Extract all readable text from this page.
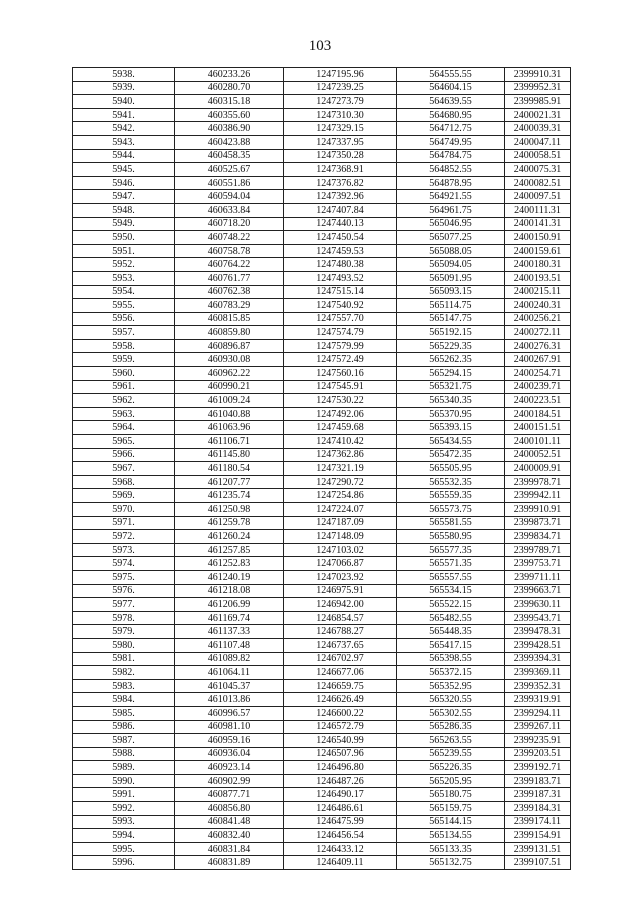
103
5938.	460233.26	1247195.96	564555.55	2399910.31
5939.	460280.70	1247239.25	564604.15	2399952.31
5940.	460315.18	1247273.79	564639.55	2399985.91
5941.	460355.60	1247310.30	564680.95	2400021.31
5942.	460386.90	1247329.15	564712.75	2400039.31
5943.	460423.88	1247337.95	564749.95	2400047.11
5944.	460458.35	1247350.28	564784.75	2400058.51
5945.	460525.67	1247368.91	564852.55	2400075.31
5946.	460551.86	1247376.82	564878.95	2400082.51
5947.	460594.04	1247392.96	564921.55	2400097.51
5948.	460633.84	1247407.84	564961.75	2400111.31
5949.	460718.20	1247440.13	565046.95	2400141.31
5950.	460748.22	1247450.54	565077.25	2400150.91
5951.	460758.78	1247459.53	565088.05	2400159.61
5952.	460764.22	1247480.38	565094.05	2400180.31
5953.	460761.77	1247493.52	565091.95	2400193.51
5954.	460762.38	1247515.14	565093.15	2400215.11
5955.	460783.29	1247540.92	565114.75	2400240.31
5956.	460815.85	1247557.70	565147.75	2400256.21
5957.	460859.80	1247574.79	565192.15	2400272.11
5958.	460896.87	1247579.99	565229.35	2400276.31
5959.	460930.08	1247572.49	565262.35	2400267.91
5960.	460962.22	1247560.16	565294.15	2400254.71
5961.	460990.21	1247545.91	565321.75	2400239.71
5962.	461009.24	1247530.22	565340.35	2400223.51
5963.	461040.88	1247492.06	565370.95	2400184.51
5964.	461063.96	1247459.68	565393.15	2400151.51
5965.	461106.71	1247410.42	565434.55	2400101.11
5966.	461145.80	1247362.86	565472.35	2400052.51
5967.	461180.54	1247321.19	565505.95	2400009.91
5968.	461207.77	1247290.72	565532.35	2399978.71
5969.	461235.74	1247254.86	565559.35	2399942.11
5970.	461250.98	1247224.07	565573.75	2399910.91
5971.	461259.78	1247187.09	565581.55	2399873.71
5972.	461260.24	1247148.09	565580.95	2399834.71
5973.	461257.85	1247103.02	565577.35	2399789.71
5974.	461252.83	1247066.87	565571.35	2399753.71
5975.	461240.19	1247023.92	565557.55	2399711.11
5976.	461218.08	1246975.91	565534.15	2399663.71
5977.	461206.99	1246942.00	565522.15	2399630.11
5978.	461169.74	1246854.57	565482.55	2399543.71
5979.	461137.33	1246788.27	565448.35	2399478.31
5980.	461107.48	1246737.65	565417.15	2399428.51
5981.	461089.82	1246702.97	565398.55	2399394.31
5982.	461064.11	1246677.06	565372.15	2399369.11
5983.	461045.37	1246659.75	565352.95	2399352.31
5984.	461013.86	1246626.49	565320.55	2399319.91
5985.	460996.57	1246600.22	565302.55	2399294.11
5986.	460981.10	1246572.79	565286.35	2399267.11
5987.	460959.16	1246540.99	565263.55	2399235.91
5988.	460936.04	1246507.96	565239.55	2399203.51
5989.	460923.14	1246496.80	565226.35	2399192.71
5990.	460902.99	1246487.26	565205.95	2399183.71
5991.	460877.71	1246490.17	565180.75	2399187.31
5992.	460856.80	1246486.61	565159.75	2399184.31
5993.	460841.48	1246475.99	565144.15	2399174.11
5994.	460832.40	1246456.54	565134.55	2399154.91
5995.	460831.84	1246433.12	565133.35	2399131.51
5996.	460831.89	1246409.11	565132.75	2399107.51
